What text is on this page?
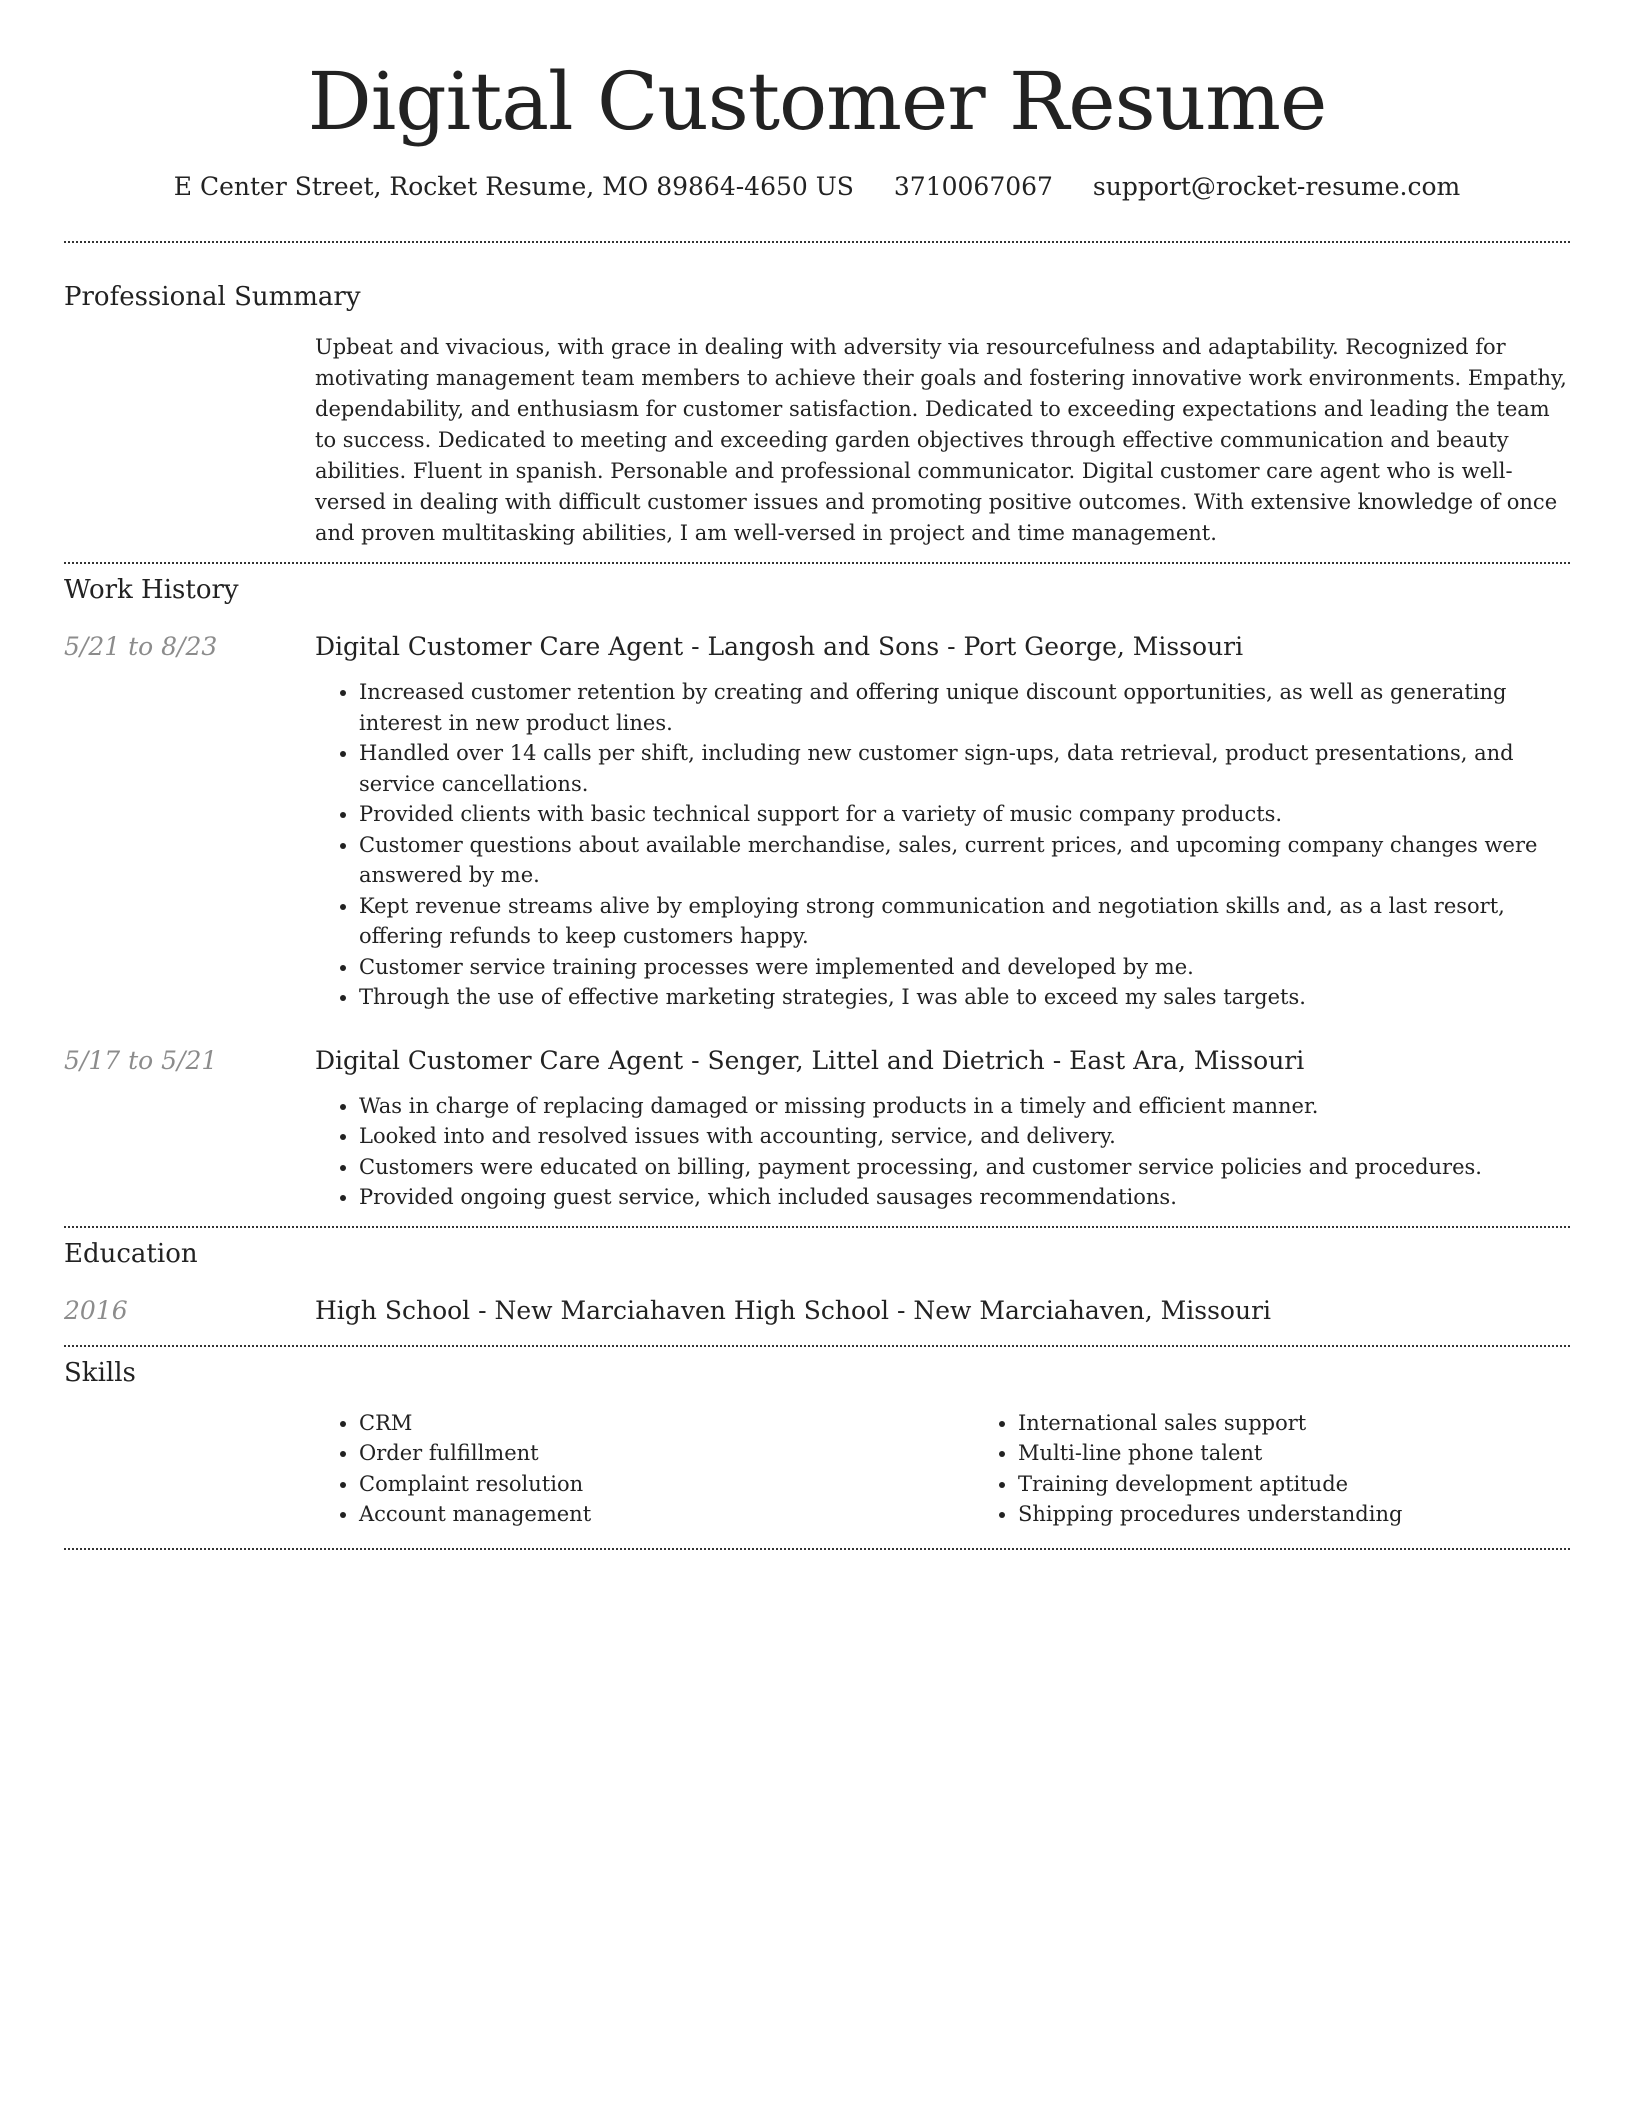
Digital Customer Resume
E Center Street, Rocket Resume, MO 89864-4650 US 3710067067 support@rocket-resume.com
Professional Summary
Upbeat and vivacious, with grace in dealing with adversity via resourcefulness and adaptability. Recognized for motivating management team members to achieve their goals and fostering innovative work environments. Empathy, dependability, and enthusiasm for customer satisfaction. Dedicated to exceeding expectations and leading the team to success. Dedicated to meeting and exceeding garden objectives through effective communication and beauty abilities. Fluent in spanish. Personable and professional communicator. Digital customer care agent who is well-versed in dealing with difficult customer issues and promoting positive outcomes. With extensive knowledge of once and proven multitasking abilities, I am well-versed in project and time management.
Work History
5/21 to 8/23	Digital Customer Care Agent - Langosh and Sons - Port George, Missouri
• Increased customer retention by creating and offering unique discount opportunities, as well as generating interest in new product lines.
• Handled over 14 calls per shift, including new customer sign-ups, data retrieval, product presentations, and service cancellations.
• Provided clients with basic technical support for a variety of music company products.
• Customer questions about available merchandise, sales, current prices, and upcoming company changes were answered by me.
• Kept revenue streams alive by employing strong communication and negotiation skills and, as a last resort, offering refunds to keep customers happy.
• Customer service training processes were implemented and developed by me.
• Through the use of effective marketing strategies, I was able to exceed my sales targets.
5/17 to 5/21	Digital Customer Care Agent - Senger, Littel and Dietrich - East Ara, Missouri
• Was in charge of replacing damaged or missing products in a timely and efficient manner.
• Looked into and resolved issues with accounting, service, and delivery.
• Customers were educated on billing, payment processing, and customer service policies and procedures.
• Provided ongoing guest service, which included sausages recommendations.
Education
2016	High School - New Marciahaven High School - New Marciahaven, Missouri
Skills
• CRM
• Order fulfillment
• Complaint resolution
• Account management
• International sales support
• Multi-line phone talent
• Training development aptitude
• Shipping procedures understanding
